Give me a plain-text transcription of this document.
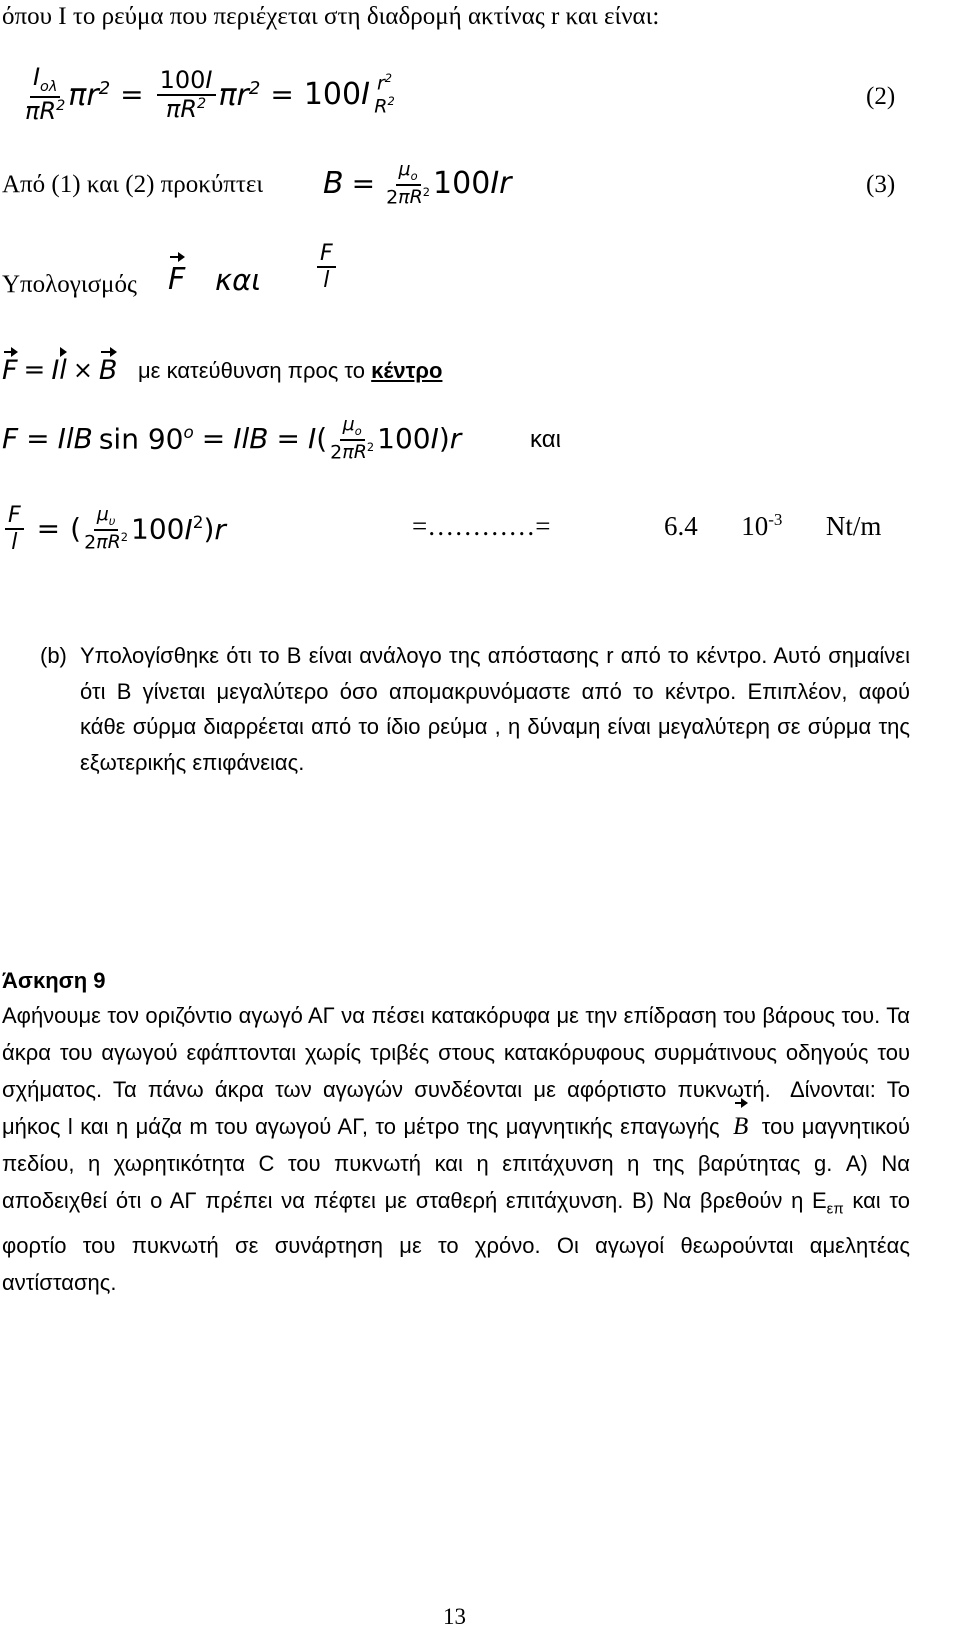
όπου I το ρεύμα που περιέχεται στη διαδρομή ακτίνας r και είναι:
$\frac{I_{o\lambda}}{\pi R^2} \pi r^2 = \frac{100I}{\pi R^2} \pi r^2 = 100I$ $r^2$
$R^2$	(2)
Από (1) και (2) προκύπτει $B = \frac{\mu_o}{2\pi R^2} 100Ir$	(3)
Υπολογισμός F και	$\frac{F}{l}$
F = I l × B με κατεύθυνση προς το κέντρο
F = IlB $\sin 90^o$ = IlB = I ( $\frac{\mu_o}{2\pi R^2} 100I)r$	και
$\frac{F}{l}$ = ( $\frac{\mu_\upsilon}{2\pi R^2} 100I^2)r$	=…………=	6.4 $10^{-3}$ Nt/m
(b) Υπολογίσθηκε ότι το B είναι ανάλογο της απόστασης r από το κέντρο. Αυτό σημαίνει ότι B γίνεται μεγαλύτερο όσο απομακρυνόμαστε από το κέντρο. Επιπλέον, αφού κάθε σύρμα διαρρέεται από το ίδιο ρεύμα , η δύναμη είναι μεγαλύτερη σε σύρμα της εξωτερικής επιφάνειας.
Άσκηση 9
Αφήνουμε τον οριζόντιο αγωγό ΑΓ να πέσει κατακόρυφα με την επίδραση του βάρους του. Τα άκρα του αγωγού εφάπτονται χωρίς τριβές στους κατακόρυφους συρμάτινους οδηγούς του σχήματος. Τα πάνω άκρα των αγωγών συνδέονται με αφόρτιστο πυκνωτή. Δίνονται: Το μήκος l και η μάζα m του αγωγού ΑΓ, το μέτρο της μαγνητικής επαγωγής B του μαγνητικού πεδίου, η χωρητικότητα C του πυκνωτή και η επιτάχυνση η της βαρύτητας g. Α) Να αποδειχθεί ότι ο ΑΓ πρέπει να πέφτει με σταθερή επιτάχυνση. Β) Να βρεθούν η $E_{\varepsilon\pi}$ και το φορτίο του πυκνωτή σε συνάρτηση με το χρόνο. Οι αγωγοί θεωρούνται αμελητέας αντίστασης.
13
